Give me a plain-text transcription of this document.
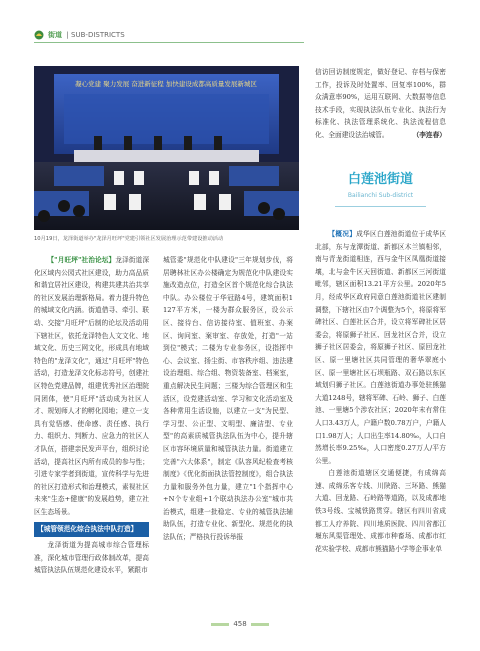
街道  | SUB-DISTRICTS
凝心党建 聚力发展 奋进新征程 加快建设成都高质量发展新城区
10月19日，龙泽街道举办"龙泽月旺坪"党建引领社区发展治理示范带建设推动活动

【"月旺坪"社治论坛】龙泽街道深化区域内公园式社区建设，助力高品质和谐宜居社区建设，构建共建共治共享的社区发展治理新格局。着力提升特色的城域文化内涵。街道借寻、牵引、联动、交接"月旺坪"后制的论坛及活动用下辖社区，依托龙泽特色人文文化、地域文化、历史三网文化，形成具有地域特色的"龙泽文化"，通过"月旺坪"特色活动，打造龙泽文化标志符号，创建社区特色党建品牌，组建优秀社区治理院同团体，使"月旺坪"活动成为社区人才、规划师人才的孵化园地；建立一支具有觉悟感、使命感、责任感、执行力、组织力、判断力、应急力的社区人才队伍，搭建亲民发声平台，组织讨论活动，提高社区内所有成员的参与性；引进专家学者到街道，宣传科学与先进的社区打造形式和治理模式，素视社区未来"生态+健康"的发展趋势，建立社区生态场景。

【城管领范化综合执法中队打造】

龙泽街道为提高城市综合管理标准，深化城市管理行政体制改革，提高城管执法队伍规范化建设水平，紧跟市

城管委"规范化中队建设"三年规划步伐，将居聘林社区办公楼确定为规范化中队建设实施改造点位，打造全区首个规范化综合执法中队。办公楼位于华冠路4号，建筑面积1 127平方米，一楼为群众服务区，设公示区、接待台、信访接待室、值班室、办案区、询问室、案审室、存放处，打造"一站到位"模式；二楼为专业参务区，设指挥中心、会议室、扬尘街、市容秩序组、违法建设治理组、综合组、物资装备室、档案室，重点解决民生问题；三楼为综合管理区和生活区，设党建活动室、学习和文化活动室及各种常用生活设施，以建立一支"为民型、学习型、公正型、文明型、廉洁型、专业型"的高素质城管执法队伍为中心，提升辖区市容环境质量和城管执法力量。街道建立完善"六大体系"，制定《队容风纪检查考核制度》《优化街面执法管控制度》，组合执法力量和服务外包力量，建立"1个指挥中心+N个专业组+1个联动执法办公室"城市共治模式，组建一批稳定、专业的城管执法辅助队伍，打造专业化、新型化、规范化的执法队伍；严格执行投诉举报

信访回访制度规定，做好登记、存档与保密工作，投诉及时处置率、回复率100%，群众满意率90%，运用互联网、大数据等信息技术手段，实现执法队伍专业化、执法行为标准化、执法管理系统化、执法流程信息化、全面建设法治城管。	（李连春）

白莲池街道
Bailianchi Sub-district

【概况】成华区白莲池街道位于成华区北部，东与龙潭街道、新都区木兰镇相邻，南与青龙街道相连，西与金牛区凤凰街道接壤，北与金牛区天回街道、新都区三河街道毗邻，辖区面积13.21平方公里。2020年5月，经成华区政府同意白莲池街道社区建制调整，下辖社区由7个调整为5个，将原将军碑社区、白莲社区合并，设立将军碑社区居委会，将原狮子社区、回龙社区合并，设立狮子社区居委会，将原狮子社区、原回龙社区、原一里塘社区共同管理的奢华翠庭小区、原一里塘社区石坝瓶路、双石路以东区域划归狮子社区。白莲池街道办事处驻熊猫大道1248号，辖将军碑、石岭、狮子、白莲池、一里塘5个涉农社区；2020年末有常住人口3.43万人，户籍户数0.78万户，户籍人口1.98万人；人口出生率14.80‰，人口自然增长率9.25‰，人口密度0.27万人/平方公里。

白莲池街道辖区交通便捷，有成绵高速、成绵乐客专线、川陕路、三环路、熊猫大道、回龙路、石岭路等道路，以及成都地铁3号线、宝城铁路贯穿。辖区有四川省成都工人疗养院、四川地质医院、四川省都江堰东风渠管理处、成都市种畜场、成都市红花实验学校、成都市熊猫路小学等企事业单

458
